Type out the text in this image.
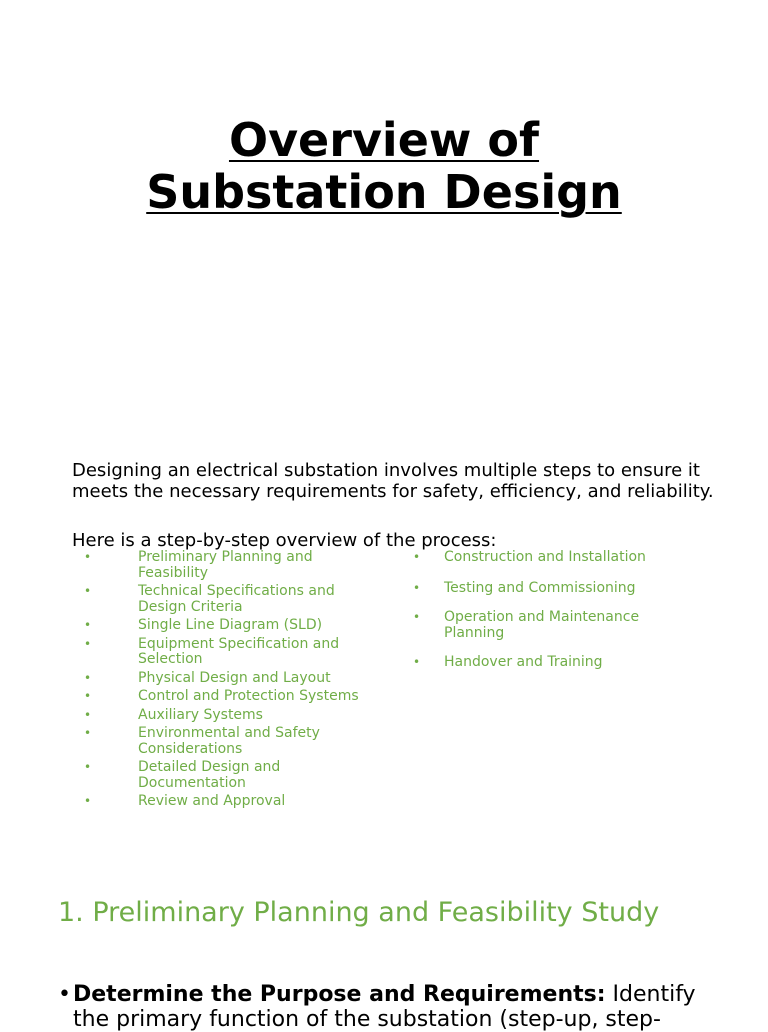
Overview of
Substation Design
Designing an electrical substation involves multiple steps to ensure it meets the necessary requirements for safety, efficiency, and reliability.
Here is a step-by-step overview of the process:
•	Preliminary Planning and Feasibility
•	Technical Specifications and Design Criteria
•	Single Line Diagram (SLD)
•	Equipment Specification and Selection
•	Physical Design and Layout
•	Control and Protection Systems
•	Auxiliary Systems
•	Environmental and Safety Considerations
•	Detailed Design and Documentation
•	Review and Approval
• Construction and Installation
• Testing and Commissioning
• Operation and Maintenance Planning
• Handover and Training
1. Preliminary Planning and Feasibility Study
• Determine the Purpose and Requirements: Identify the primary function of the substation (step-up, step-
